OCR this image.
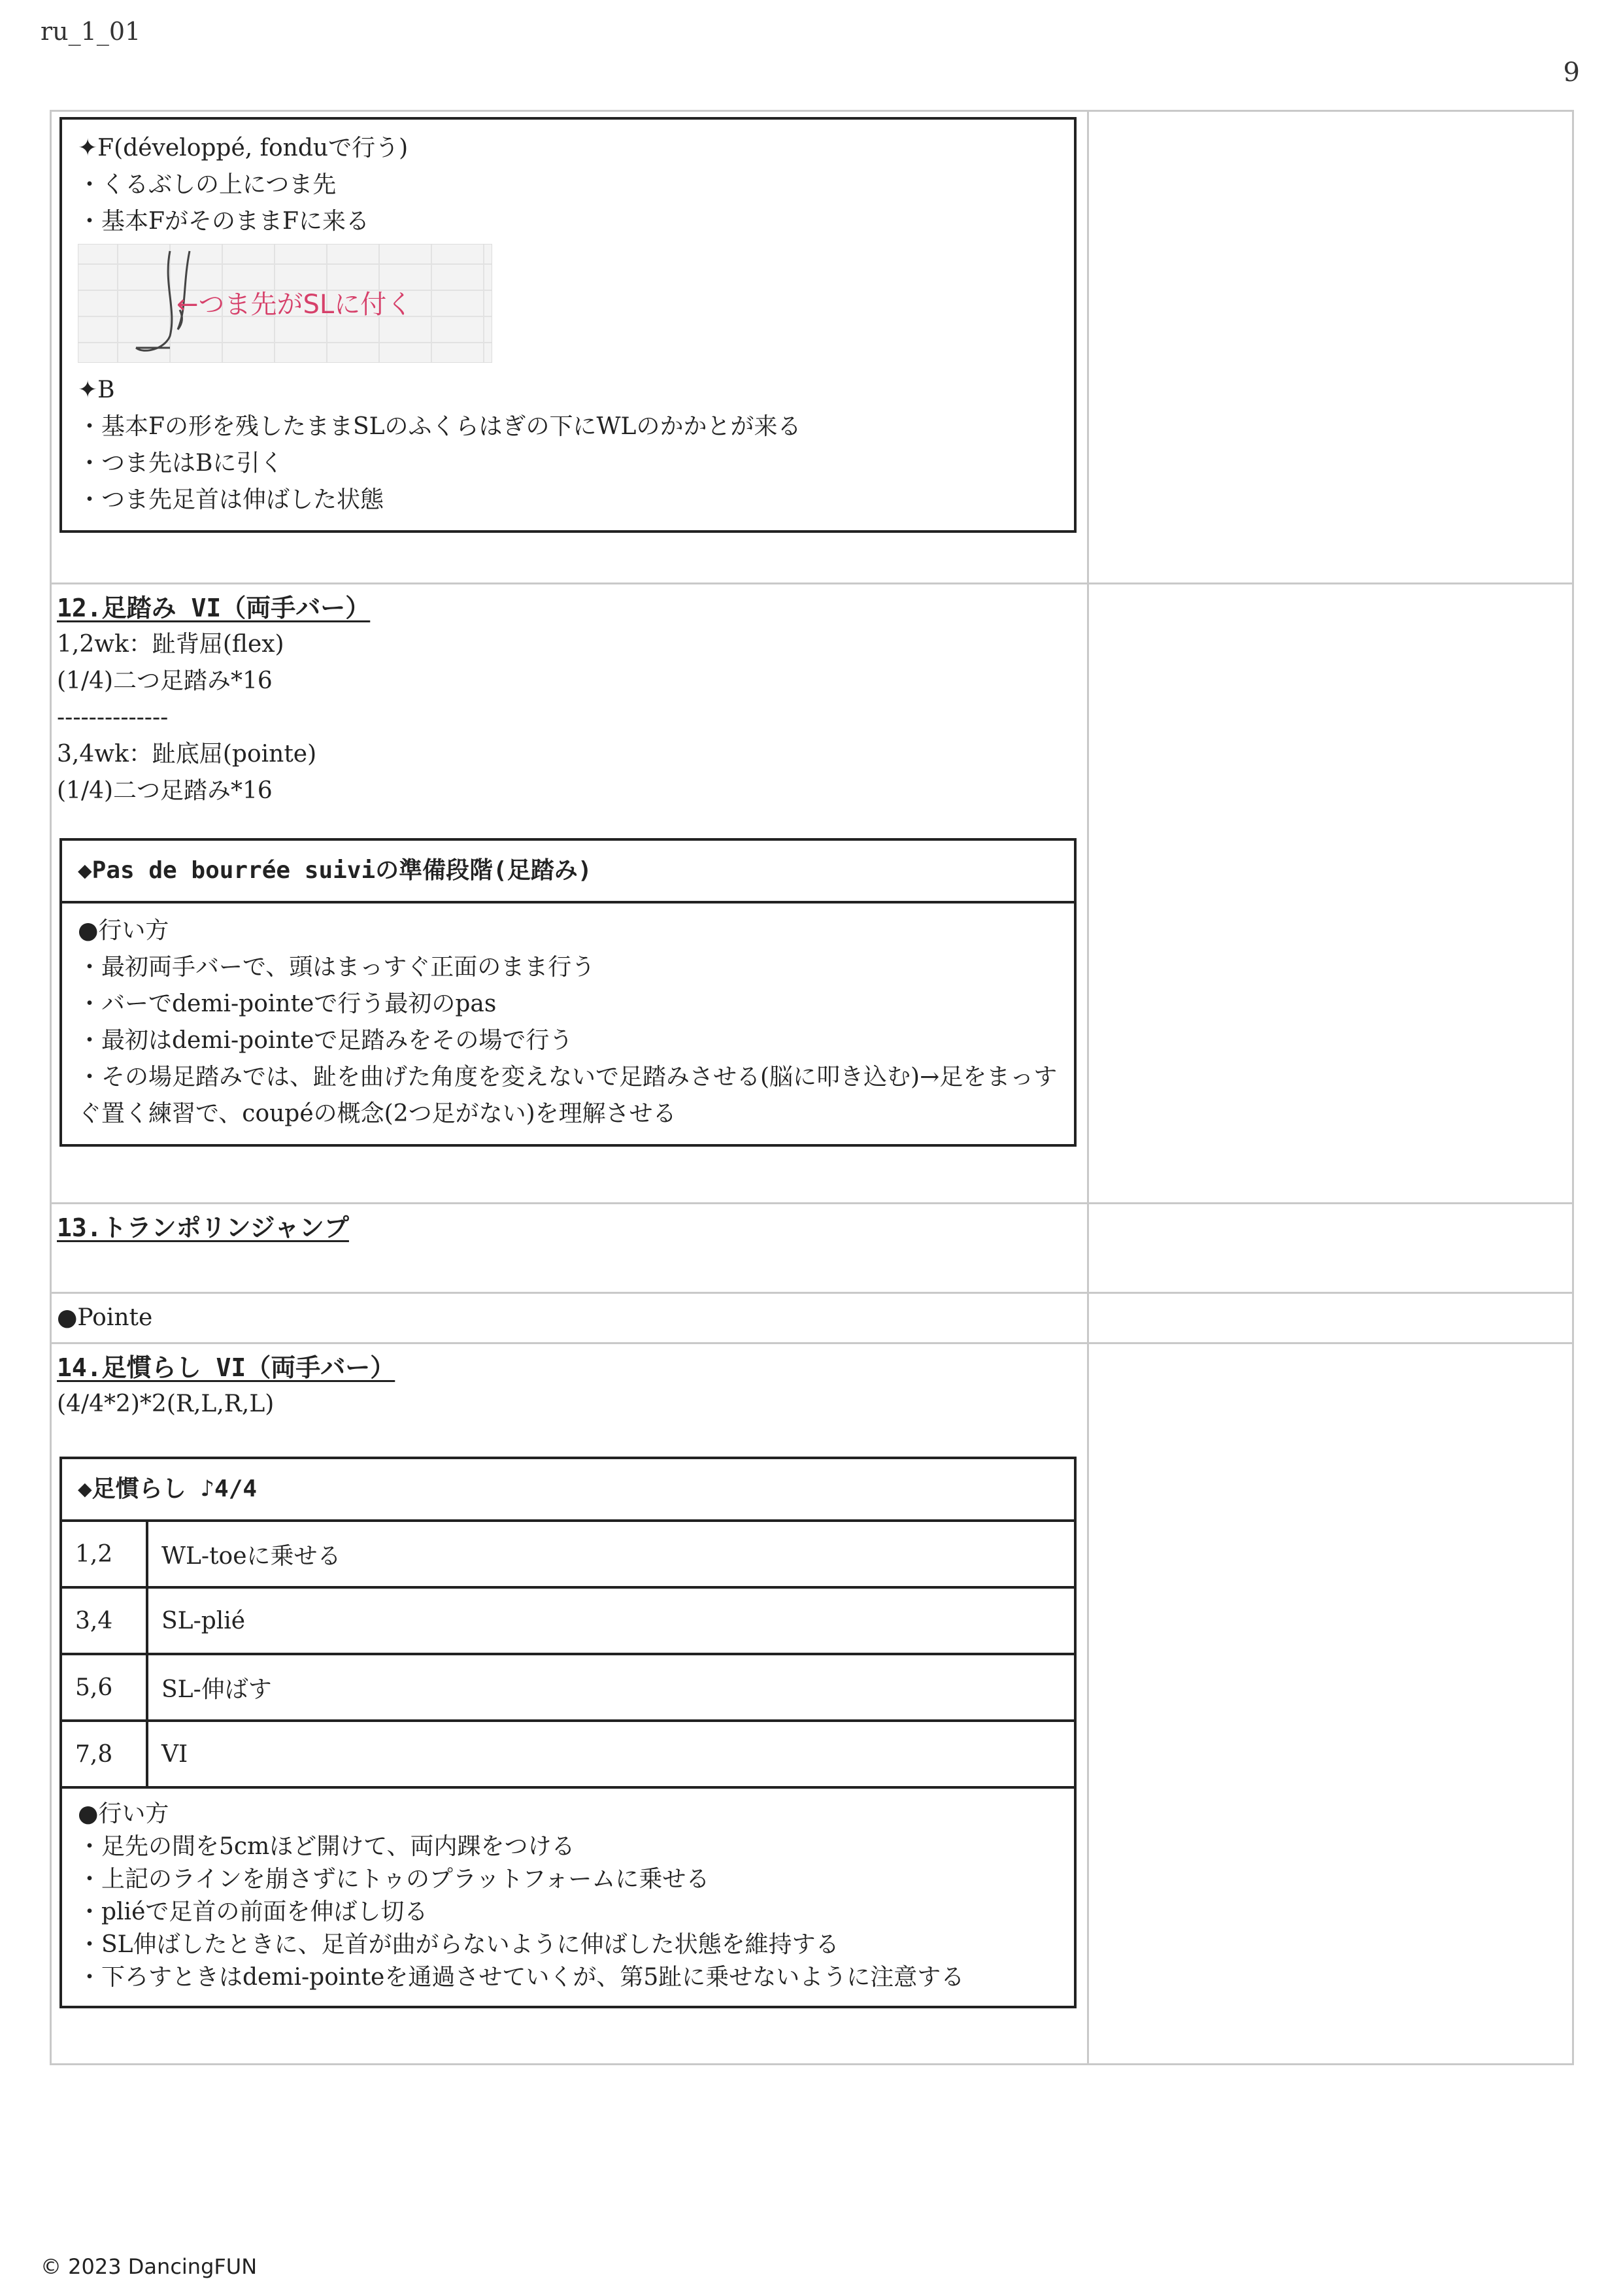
ru_1_01
9
✦F(développé, fonduで行う)
・くるぶしの上につま先
・基本FがそのままFに来る
←つま先がSLに付く
✦B
・基本Fの形を残したままSLのふくらはぎの下にWLのかかとが来る
・つま先はBに引く
・つま先足首は伸ばした状態

12.足踏み VI（両手バー）
1,2wk：趾背屈(flex)
(1/4)二つ足踏み*16
--------------
3,4wk：趾底屈(pointe)
(1/4)二つ足踏み*16
◆Pas de bourrée suiviの準備段階(足踏み)
●行い方
・最初両手バーで、頭はまっすぐ正面のまま行う
・バーでdemi-pointeで行う最初のpas
・最初はdemi-pointeで足踏みをその場で行う
・その場足踏みでは、趾を曲げた角度を変えないで足踏みさせる(脳に叩き込む)→足をまっすぐ置く練習で、coupéの概念(2つ足がない)を理解させる

13.トランポリンジャンプ

●Pointe

14.足慣らし VI（両手バー）
(4/4*2)*2(R,L,R,L)
◆足慣らし ♪4/4
1,2	WL-toeに乗せる
3,4	SL-plié
5,6	SL-伸ばす
7,8	VI
●行い方
・足先の間を5cmほど開けて、両内踝をつける
・上記のラインを崩さずにトゥのプラットフォームに乗せる
・pliéで足首の前面を伸ばし切る
・SL伸ばしたときに、足首が曲がらないように伸ばした状態を維持する
・下ろすときはdemi-pointeを通過させていくが、第5趾に乗せないように注意する

© 2023 DancingFUN
